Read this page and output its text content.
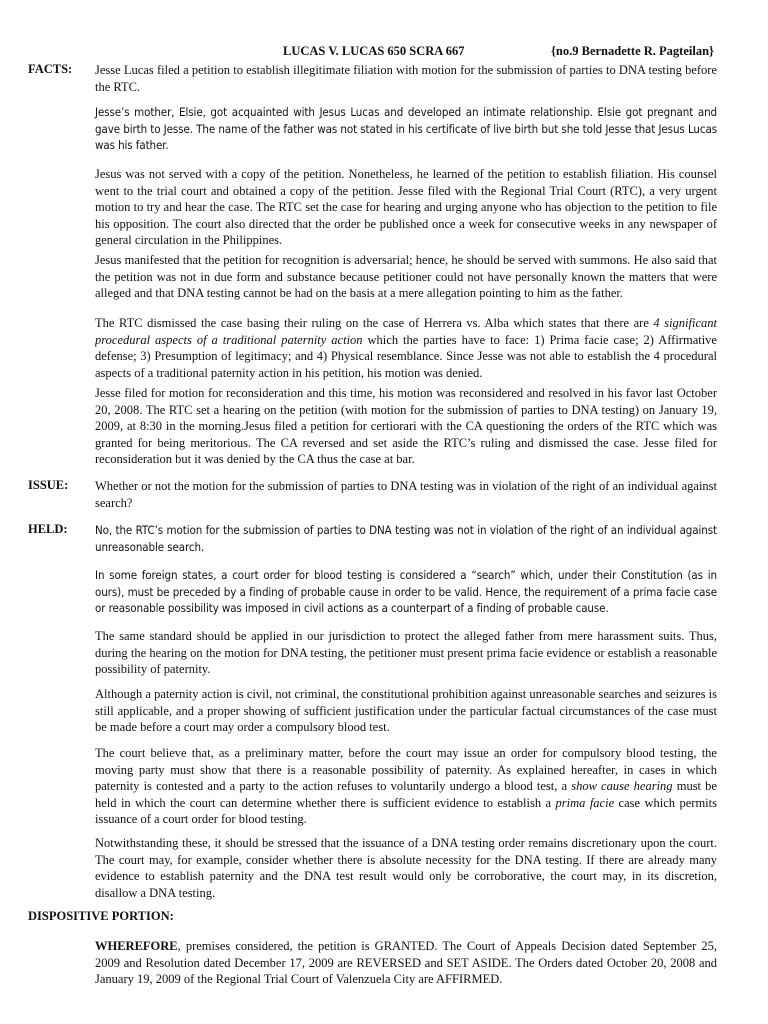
LUCAS V. LUCAS 650 SCRA 667	{no.9 Bernadette R. Pagteilan}
FACTS: Jesse Lucas filed a petition to establish illegitimate filiation with motion for the submission of parties to DNA testing before the RTC.

Jesse’s mother, Elsie, got acquainted with Jesus Lucas and developed an intimate relationship. Elsie got pregnant and gave birth to Jesse. The name of the father was not stated in his certificate of live birth but she told Jesse that Jesus Lucas was his father.

Jesus was not served with a copy of the petition. Nonetheless, he learned of the petition to establish filiation. His counsel went to the trial court and obtained a copy of the petition. Jesse filed with the Regional Trial Court (RTC), a very urgent motion to try and hear the case. The RTC set the case for hearing and urging anyone who has objection to the petition to file his opposition. The court also directed that the order be published once a week for consecutive weeks in any newspaper of general circulation in the Philippines.

Jesus manifested that the petition for recognition is adversarial; hence, he should be served with summons. He also said that the petition was not in due form and substance because petitioner could not have personally known the matters that were alleged and that DNA testing cannot be had on the basis at a mere allegation pointing to him as the father.

The RTC dismissed the case basing their ruling on the case of Herrera vs. Alba which states that there are 4 significant procedural aspects of a traditional paternity action which the parties have to face: 1) Prima facie case; 2) Affirmative defense; 3) Presumption of legitimacy; and 4) Physical resemblance. Since Jesse was not able to establish the 4 procedural aspects of a traditional paternity action in his petition, his motion was denied.

Jesse filed for motion for reconsideration and this time, his motion was reconsidered and resolved in his favor last October 20, 2008. The RTC set a hearing on the petition (with motion for the submission of parties to DNA testing) on January 19, 2009, at 8:30 in the morning.Jesus filed a petition for certiorari with the CA questioning the orders of the RTC which was granted for being meritorious. The CA reversed and set aside the RTC’s ruling and dismissed the case. Jesse filed for reconsideration but it was denied by the CA thus the case at bar.

ISSUE: Whether or not the motion for the submission of parties to DNA testing was in violation of the right of an individual against search?

HELD: No, the RTC’s motion for the submission of parties to DNA testing was not in violation of the right of an individual against unreasonable search.

In some foreign states, a court order for blood testing is considered a “search” which, under their Constitution (as in ours), must be preceded by a finding of probable cause in order to be valid. Hence, the requirement of a prima facie case or reasonable possibility was imposed in civil actions as a counterpart of a finding of probable cause.

The same standard should be applied in our jurisdiction to protect the alleged father from mere harassment suits. Thus, during the hearing on the motion for DNA testing, the petitioner must present prima facie evidence or establish a reasonable possibility of paternity.

Although a paternity action is civil, not criminal, the constitutional prohibition against unreasonable searches and seizures is still applicable, and a proper showing of sufficient justification under the particular factual circumstances of the case must be made before a court may order a compulsory blood test.

The court believe that, as a preliminary matter, before the court may issue an order for compulsory blood testing, the moving party must show that there is a reasonable possibility of paternity. As explained hereafter, in cases in which paternity is contested and a party to the action refuses to voluntarily undergo a blood test, a show cause hearing must be held in which the court can determine whether there is sufficient evidence to establish a prima facie case which permits issuance of a court order for blood testing.

Notwithstanding these, it should be stressed that the issuance of a DNA testing order remains discretionary upon the court. The court may, for example, consider whether there is absolute necessity for the DNA testing. If there are already many evidence to establish paternity and the DNA test result would only be corroborative, the court may, in its discretion, disallow a DNA testing.

DISPOSITIVE PORTION:

WHEREFORE, premises considered, the petition is GRANTED. The Court of Appeals Decision dated September 25, 2009 and Resolution dated December 17, 2009 are REVERSED and SET ASIDE. The Orders dated October 20, 2008 and January 19, 2009 of the Regional Trial Court of Valenzuela City are AFFIRMED.
